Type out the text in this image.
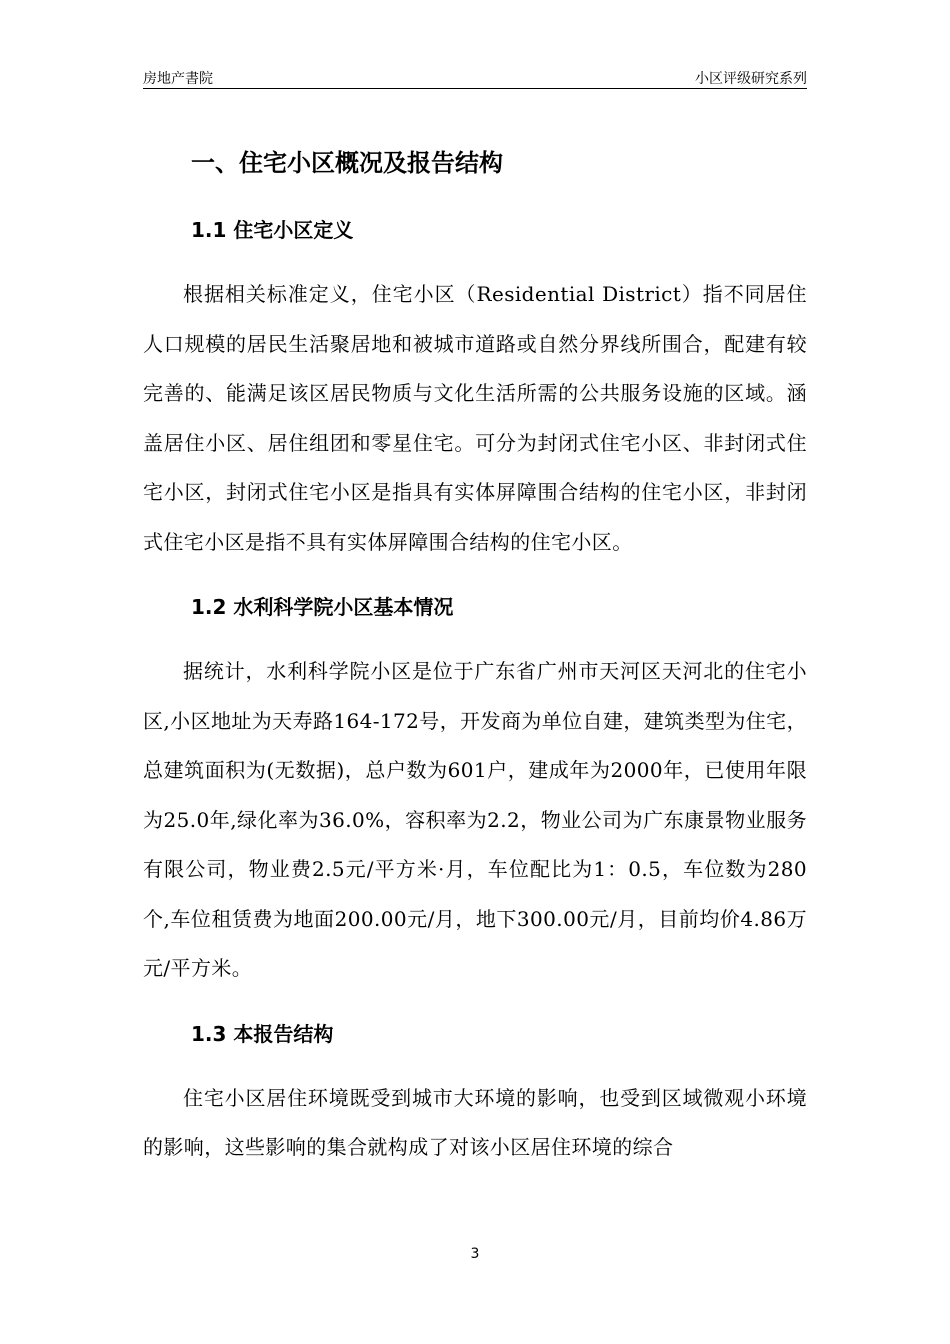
房地产書院	小区评级研究系列
一、住宅小区概况及报告结构
1.1 住宅小区定义

根据相关标准定义，住宅小区（Residential District）指不同居住人口规模的居民生活聚居地和被城市道路或自然分界线所围合，配建有较完善的、能满足该区居民物质与文化生活所需的公共服务设施的区域。涵盖居住小区、居住组团和零星住宅。可分为封闭式住宅小区、非封闭式住宅小区，封闭式住宅小区是指具有实体屏障围合结构的住宅小区，非封闭式住宅小区是指不具有实体屏障围合结构的住宅小区。

1.2 水利科学院小区基本情况

据统计，水利科学院小区是位于广东省广州市天河区天河北的住宅小区,小区地址为天寿路164-172号，开发商为单位自建，建筑类型为住宅，总建筑面积为(无数据)，总户数为601户，建成年为2000年，已使用年限为25.0年,绿化率为36.0%，容积率为2.2，物业公司为广东康景物业服务有限公司，物业费2.5元/平方米·月，车位配比为1：0.5，车位数为280个,车位租赁费为地面200.00元/月，地下300.00元/月，目前均价4.86万元/平方米。

1.3 本报告结构

住宅小区居住环境既受到城市大环境的影响，也受到区域微观小环境的影响，这些影响的集合就构成了对该小区居住环境的综合

3
